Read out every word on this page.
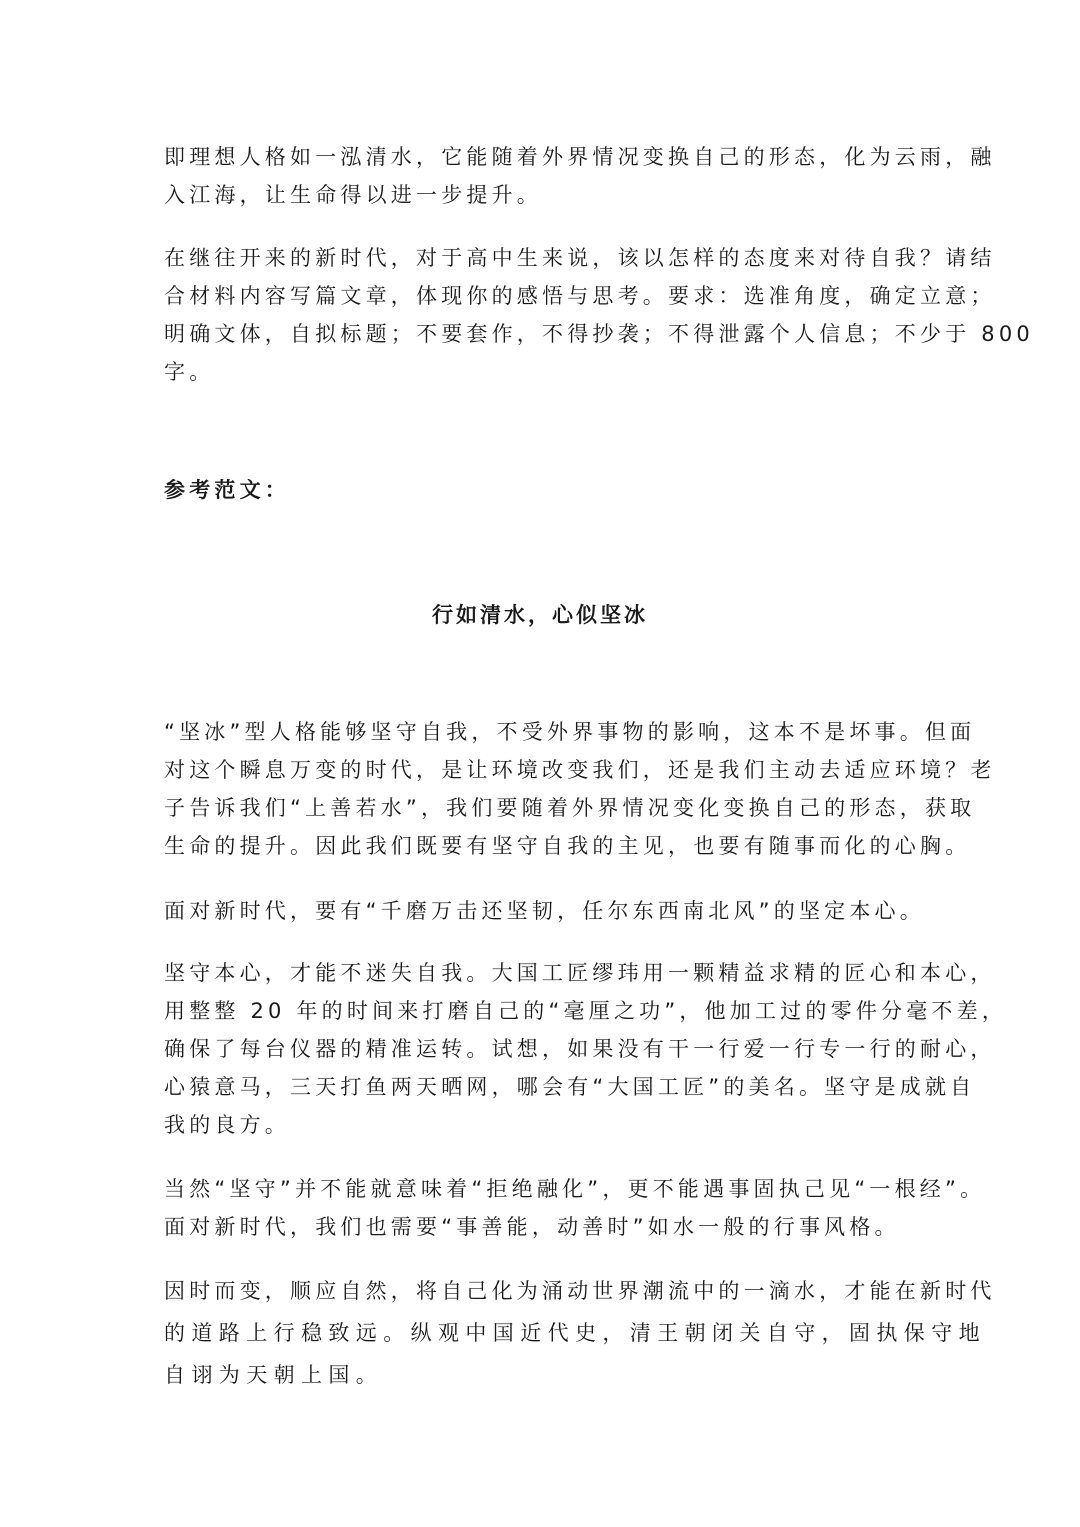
即理想人格如一泓清水，它能随着外界情况变换自己的形态，化为云雨，融
入江海，让生命得以进一步提升。
在继往开来的新时代，对于高中生来说，该以怎样的态度来对待自我？请结
合材料内容写篇文章，体现你的感悟与思考。要求：选准角度，确定立意；
明确文体，自拟标题；不要套作，不得抄袭；不得泄露个人信息；不少于 800
字。
参考范文：
行如清水，心似坚冰
“坚冰”型人格能够坚守自我，不受外界事物的影响，这本不是坏事。但面
对这个瞬息万变的时代，是让环境改变我们，还是我们主动去适应环境？老
子告诉我们“上善若水”，我们要随着外界情况变化变换自己的形态，获取
生命的提升。因此我们既要有坚守自我的主见，也要有随事而化的心胸。
面对新时代，要有“千磨万击还坚韧，任尔东西南北风”的坚定本心。
坚守本心，才能不迷失自我。大国工匠缪玮用一颗精益求精的匠心和本心，
用整整 20 年的时间来打磨自己的“毫厘之功”，他加工过的零件分毫不差，
确保了每台仪器的精准运转。试想，如果没有干一行爱一行专一行的耐心，
心猿意马，三天打鱼两天晒网，哪会有“大国工匠”的美名。坚守是成就自
我的良方。
当然“坚守”并不能就意味着“拒绝融化”，更不能遇事固执己见“一根经”。
面对新时代，我们也需要“事善能，动善时”如水一般的行事风格。
因时而变，顺应自然，将自己化为涌动世界潮流中的一滴水，才能在新时代
的道路上行稳致远。纵观中国近代史，清王朝闭关自守，固执保守地
自诩为天朝上国。
